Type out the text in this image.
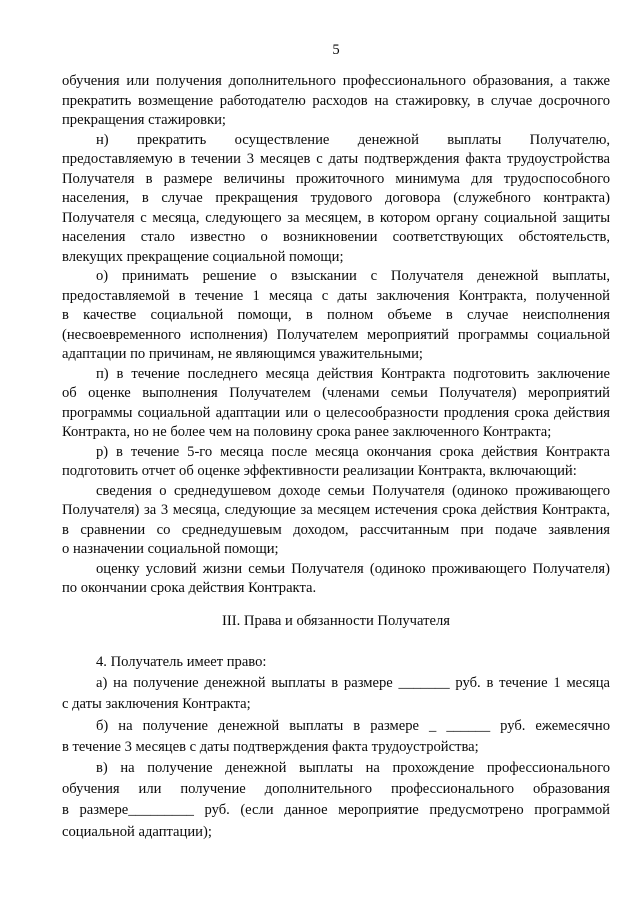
5
обучения или получения дополнительного профессионального образования, а также
прекратить возмещение работодателю расходов на стажировку, в случае досрочного
прекращения стажировки;
н) прекратить осуществление денежной выплаты Получателю,
предоставляемую в течении 3 месяцев с даты подтверждения факта трудоустройства
Получателя в размере величины прожиточного минимума для трудоспособного
населения, в случае прекращения трудового договора (служебного контракта)
Получателя с месяца, следующего за месяцем, в котором органу социальной защиты
населения стало известно о возникновении соответствующих обстоятельств,
влекущих прекращение социальной помощи;
о) принимать решение о взыскании с Получателя денежной выплаты,
предоставляемой в течение 1 месяца с даты заключения Контракта, полученной
в качестве социальной помощи, в полном объеме в случае неисполнения
(несвоевременного исполнения) Получателем мероприятий программы социальной
адаптации по причинам, не являющимся уважительными;
п) в течение последнего месяца действия Контракта подготовить заключение
об оценке выполнения Получателем (членами семьи Получателя) мероприятий
программы социальной адаптации или о целесообразности продления срока действия
Контракта, но не более чем на половину срока ранее заключенного Контракта;
р) в течение 5-го месяца после месяца окончания срока действия Контракта
подготовить отчет об оценке эффективности реализации Контракта, включающий:
сведения о среднедушевом доходе семьи Получателя (одиноко проживающего
Получателя) за 3 месяца, следующие за месяцем истечения срока действия Контракта,
в сравнении со среднедушевым доходом, рассчитанным при подаче заявления
о назначении социальной помощи;
оценку условий жизни семьи Получателя (одиноко проживающего Получателя)
по окончании срока действия Контракта.
III. Права и обязанности Получателя
4. Получатель имеет право:
а) на получение денежной выплаты в размере _______ руб. в течение 1 месяца
с даты заключения Контракта;
б) на получение денежной выплаты в размере _ ______ руб. ежемесячно
в течение 3 месяцев с даты подтверждения факта трудоустройства;
в) на получение денежной выплаты на прохождение профессионального
обучения или получение дополнительного профессионального образования
в размере_________ руб. (если данное мероприятие предусмотрено программой
социальной адаптации);
